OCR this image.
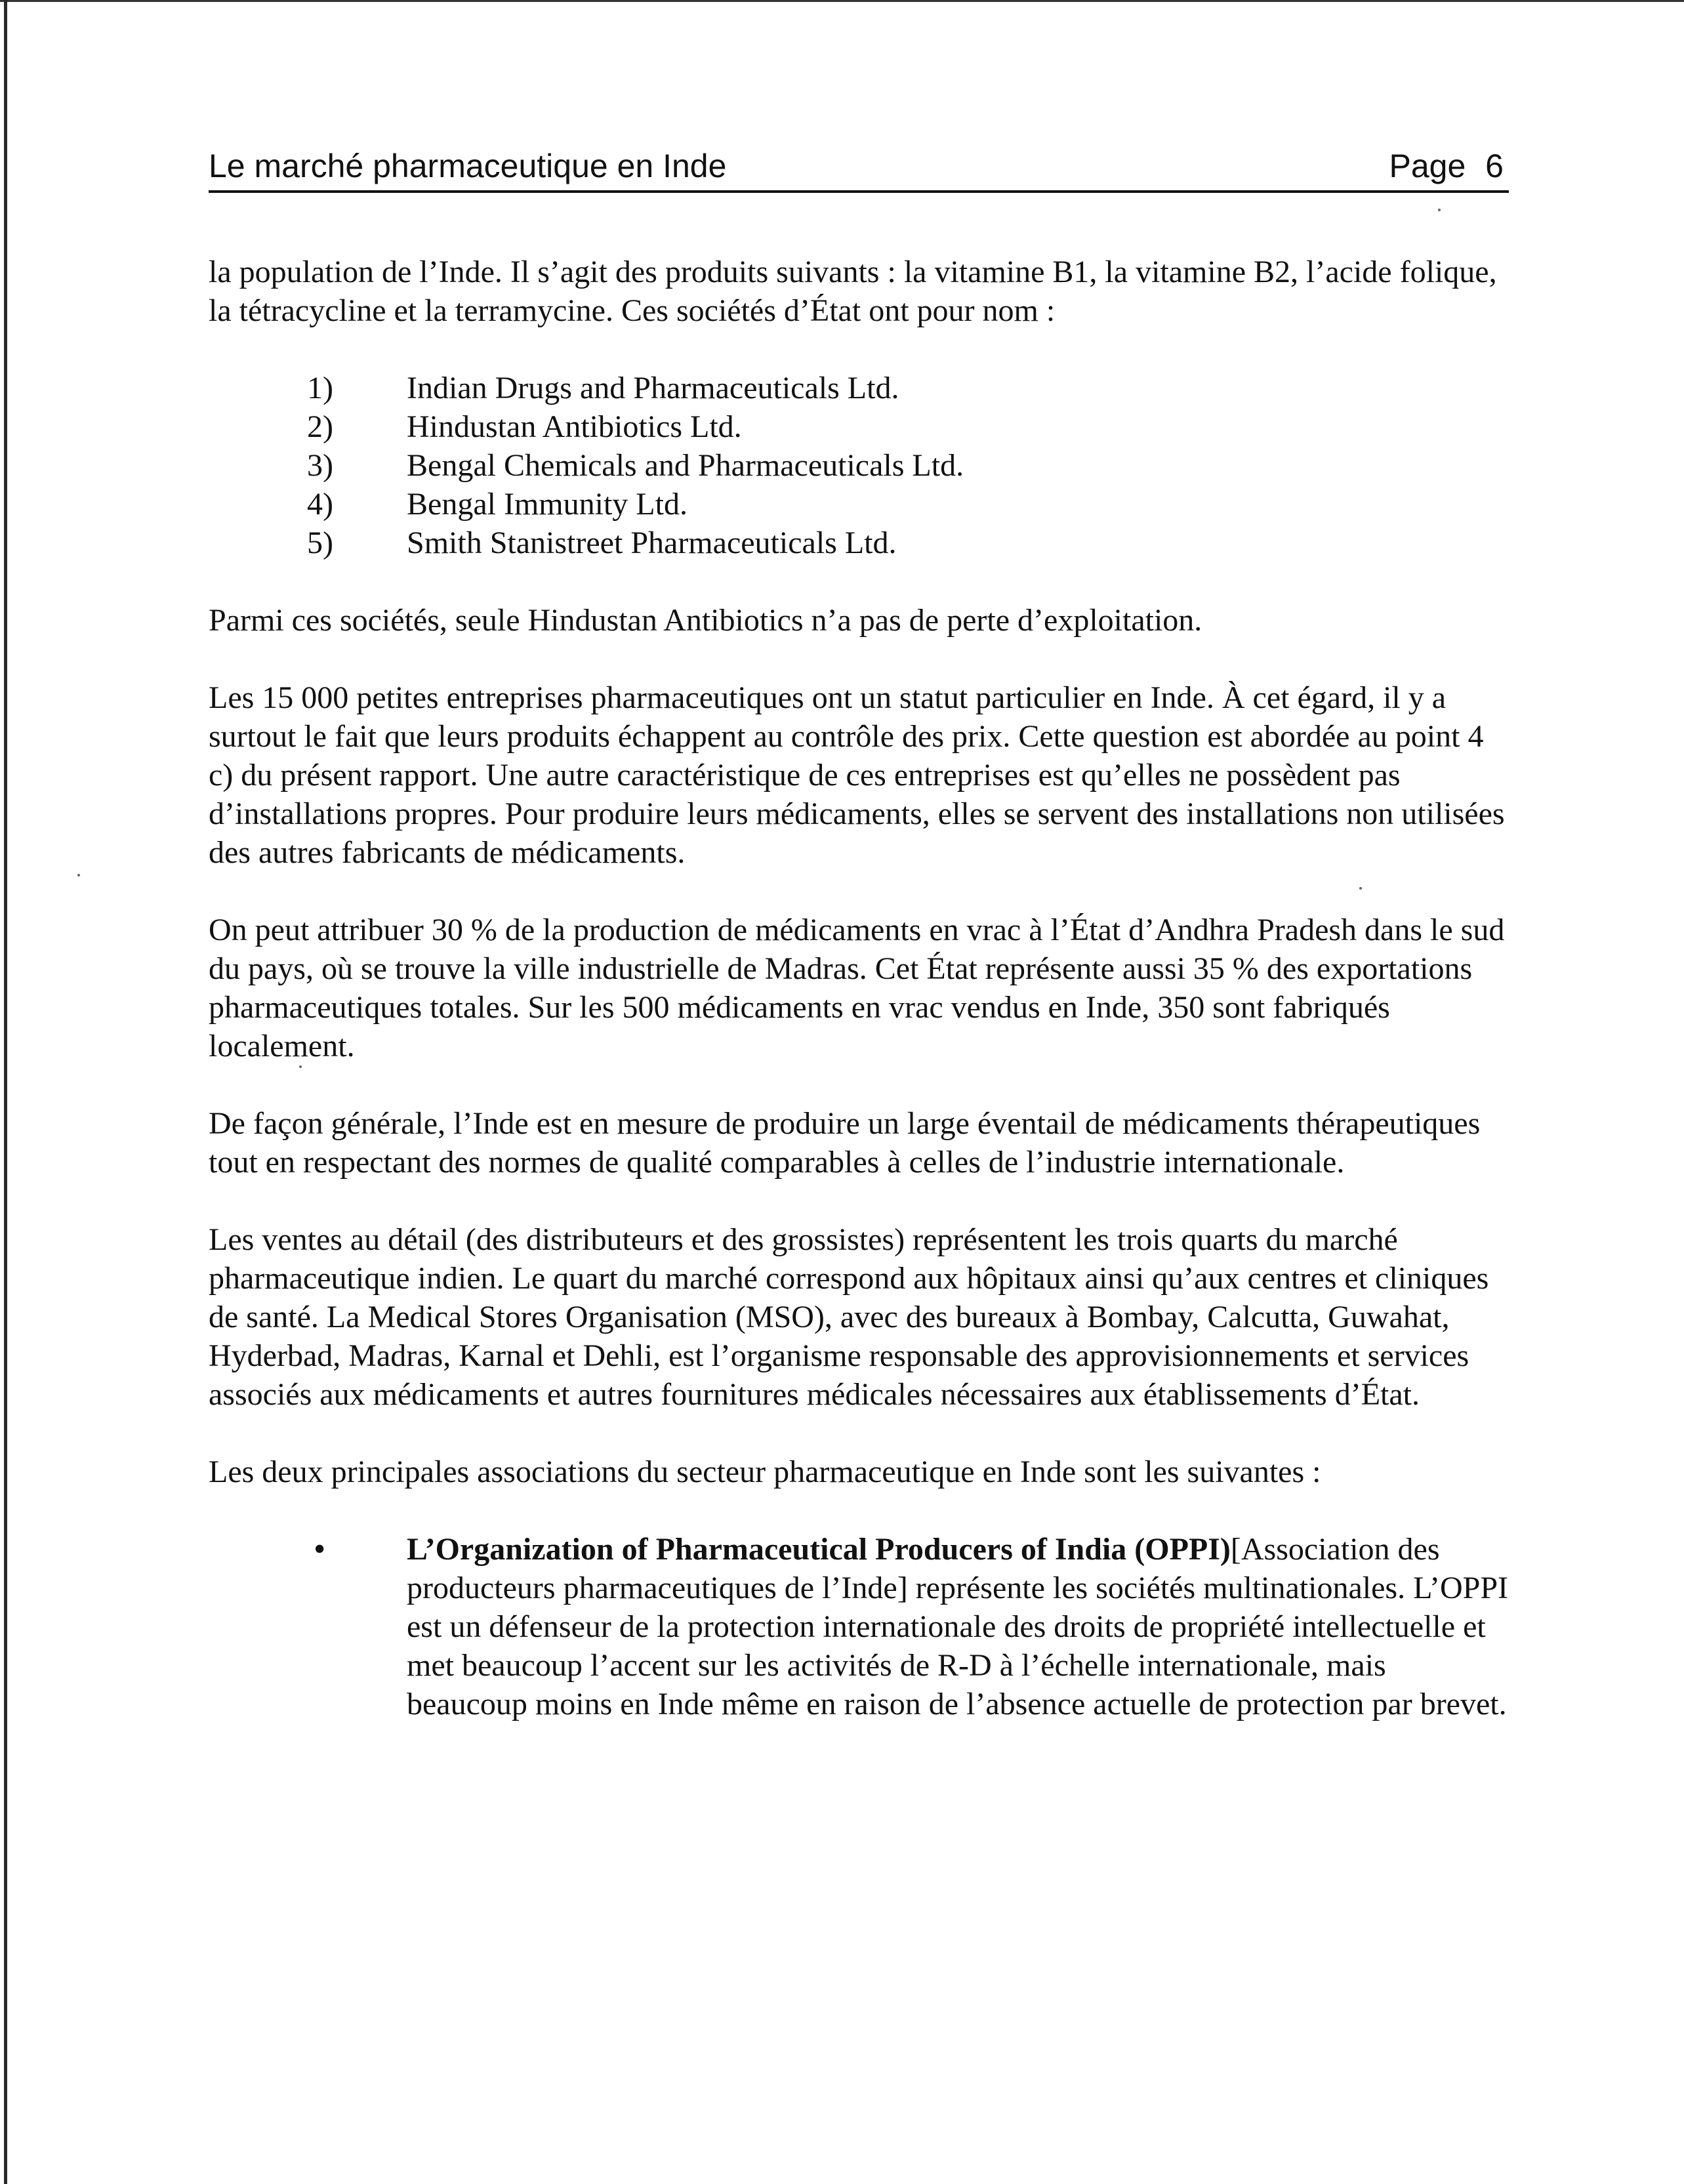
Le marché pharmaceutique en Inde	Page 6

la population de l’Inde. Il s’agit des produits suivants : la vitamine B1, la vitamine B2, l’acide folique, la tétracycline et la terramycine. Ces sociétés d’État ont pour nom :

1) Indian Drugs and Pharmaceuticals Ltd.
2) Hindustan Antibiotics Ltd.
3) Bengal Chemicals and Pharmaceuticals Ltd.
4) Bengal Immunity Ltd.
5) Smith Stanistreet Pharmaceuticals Ltd.

Parmi ces sociétés, seule Hindustan Antibiotics n’a pas de perte d’exploitation.

Les 15 000 petites entreprises pharmaceutiques ont un statut particulier en Inde. À cet égard, il y a surtout le fait que leurs produits échappent au contrôle des prix. Cette question est abordée au point 4 c) du présent rapport. Une autre caractéristique de ces entreprises est qu’elles ne possèdent pas d’installations propres. Pour produire leurs médicaments, elles se servent des installations non utilisées des autres fabricants de médicaments.

On peut attribuer 30 % de la production de médicaments en vrac à l’État d’Andhra Pradesh dans le sud du pays, où se trouve la ville industrielle de Madras. Cet État représente aussi 35 % des exportations pharmaceutiques totales. Sur les 500 médicaments en vrac vendus en Inde, 350 sont fabriqués localement.

De façon générale, l’Inde est en mesure de produire un large éventail de médicaments thérapeutiques tout en respectant des normes de qualité comparables à celles de l’industrie internationale.

Les ventes au détail (des distributeurs et des grossistes) représentent les trois quarts du marché pharmaceutique indien. Le quart du marché correspond aux hôpitaux ainsi qu’aux centres et cliniques de santé. La Medical Stores Organisation (MSO), avec des bureaux à Bombay, Calcutta, Guwahat, Hyderbad, Madras, Karnal et Dehli, est l’organisme responsable des approvisionnements et services associés aux médicaments et autres fournitures médicales nécessaires aux établissements d’État.

Les deux principales associations du secteur pharmaceutique en Inde sont les suivantes :

•	L’Organization of Pharmaceutical Producers of India (OPPI)[Association des producteurs pharmaceutiques de l’Inde] représente les sociétés multinationales. L’OPPI est un défenseur de la protection internationale des droits de propriété intellectuelle et met beaucoup l’accent sur les activités de R-D à l’échelle internationale, mais beaucoup moins en Inde même en raison de l’absence actuelle de protection par brevet.
